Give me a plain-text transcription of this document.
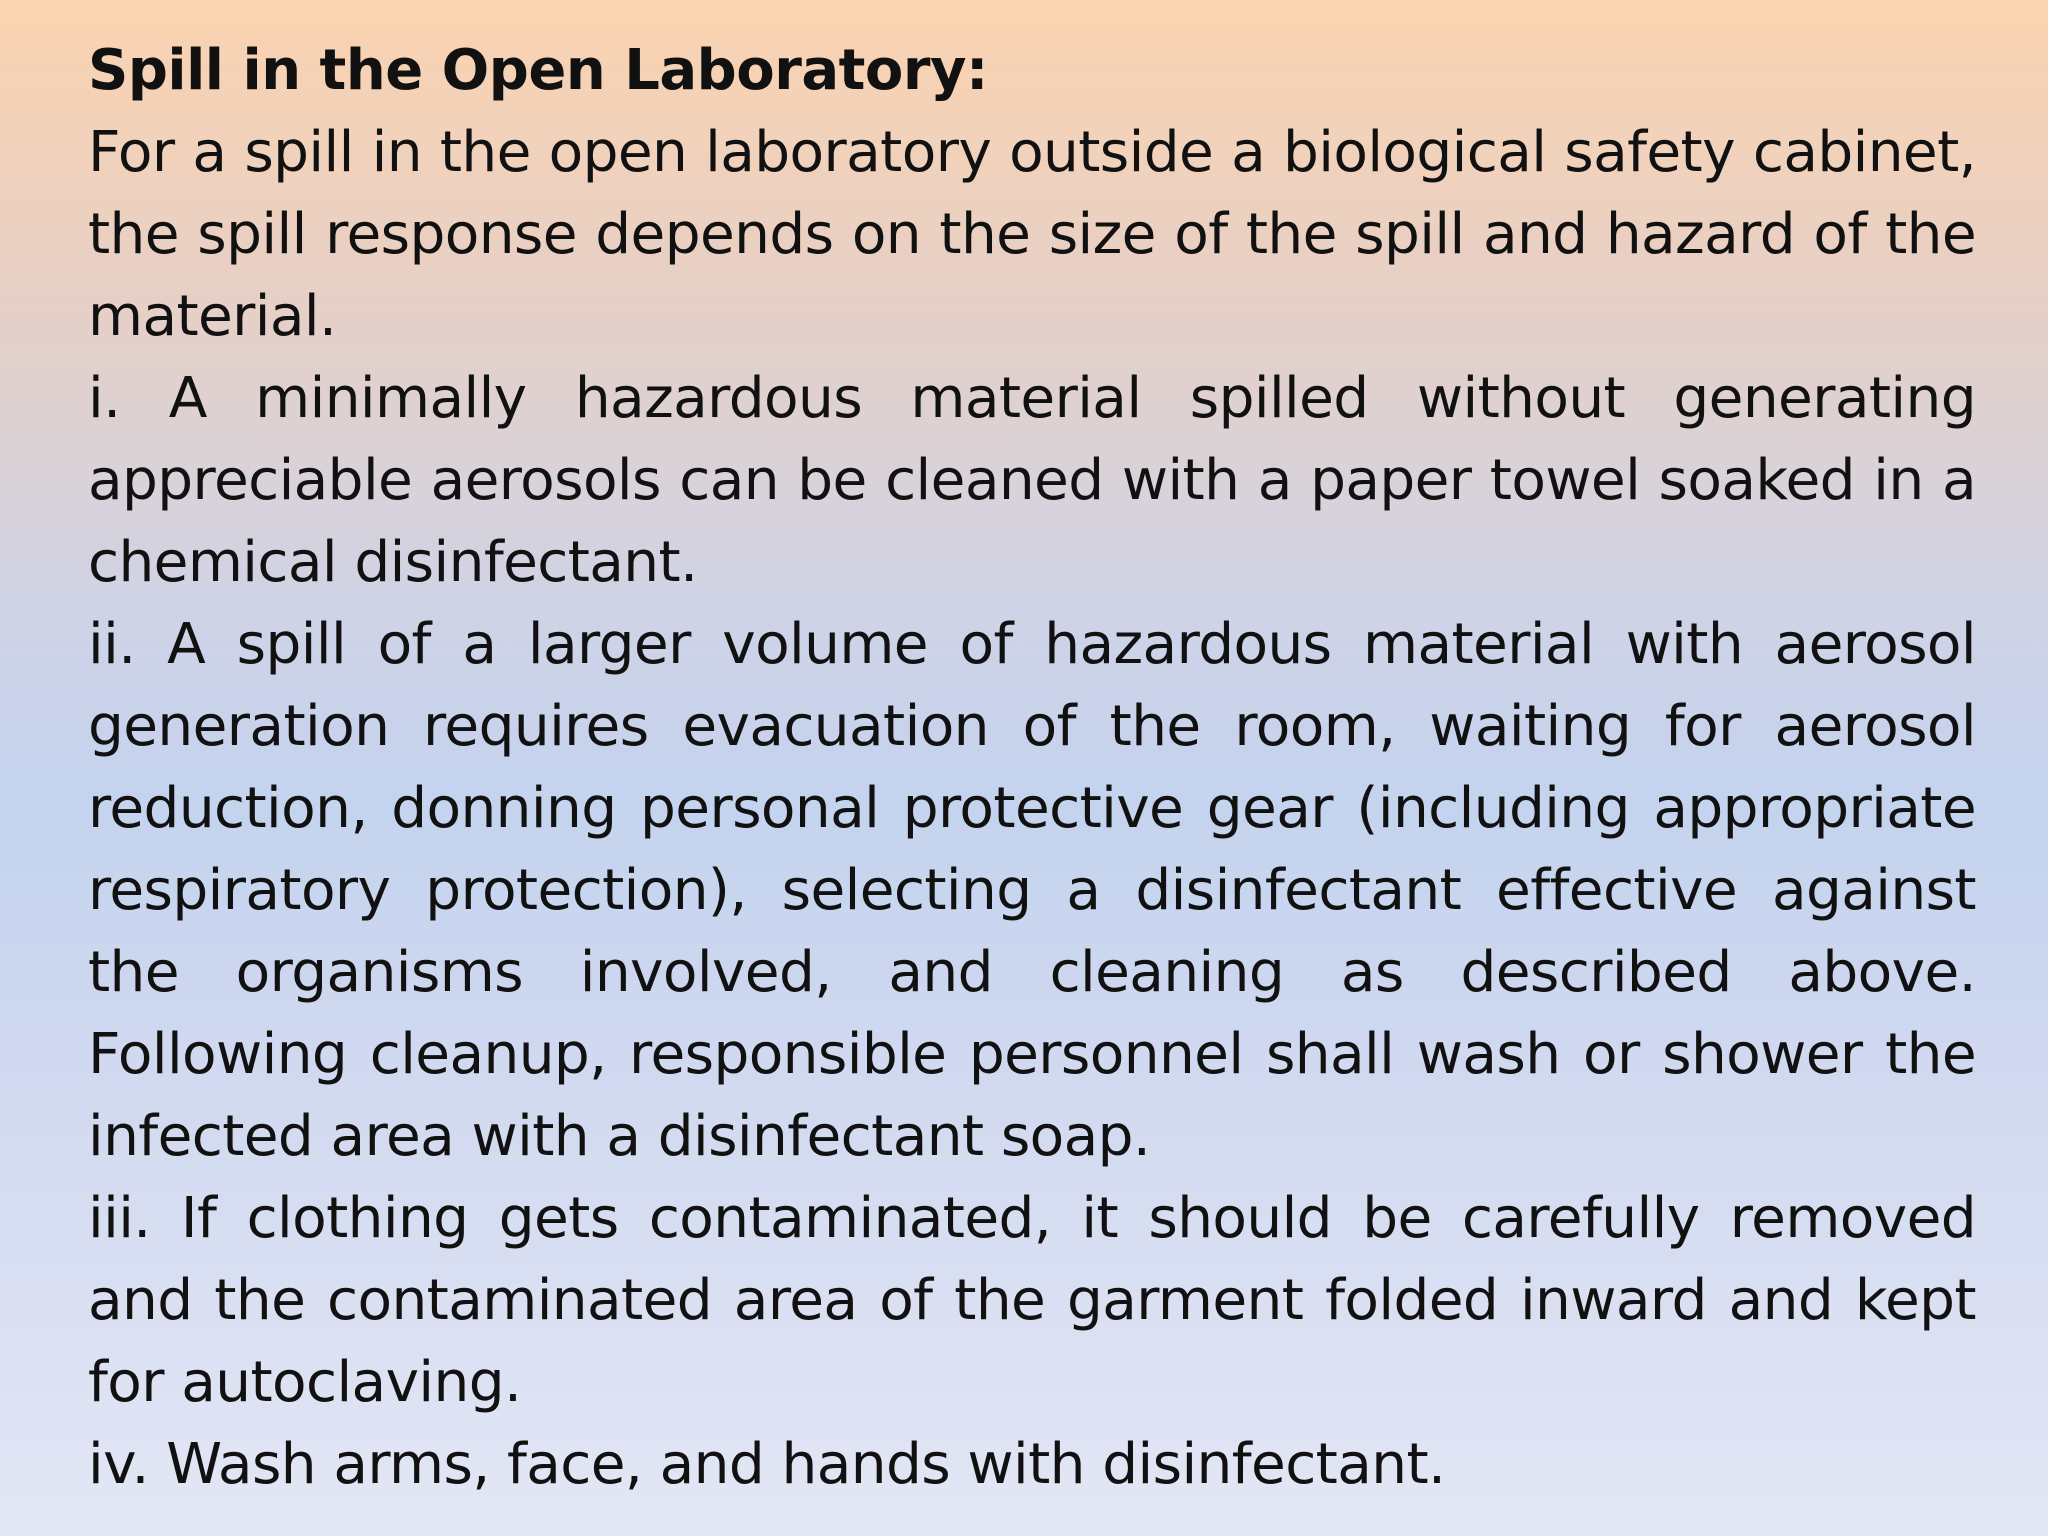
Spill in the Open Laboratory:

For a spill in the open laboratory outside a biological safety cabinet, the spill response depends on the size of the spill and hazard of the material.

i. A minimally hazardous material spilled without generating appreciable aerosols can be cleaned with a paper towel soaked in a chemical disinfectant.

ii. A spill of a larger volume of hazardous material with aerosol generation requires evacuation of the room, waiting for aerosol reduction, donning personal protective gear (including appropriate respiratory protection), selecting a disinfectant effective against the organisms involved, and cleaning as described above. Following cleanup, responsible personnel shall wash or shower the infected area with a disinfectant soap.

iii. If clothing gets contaminated, it should be carefully removed and the contaminated area of the garment folded inward and kept for autoclaving.

iv. Wash arms, face, and hands with disinfectant.
